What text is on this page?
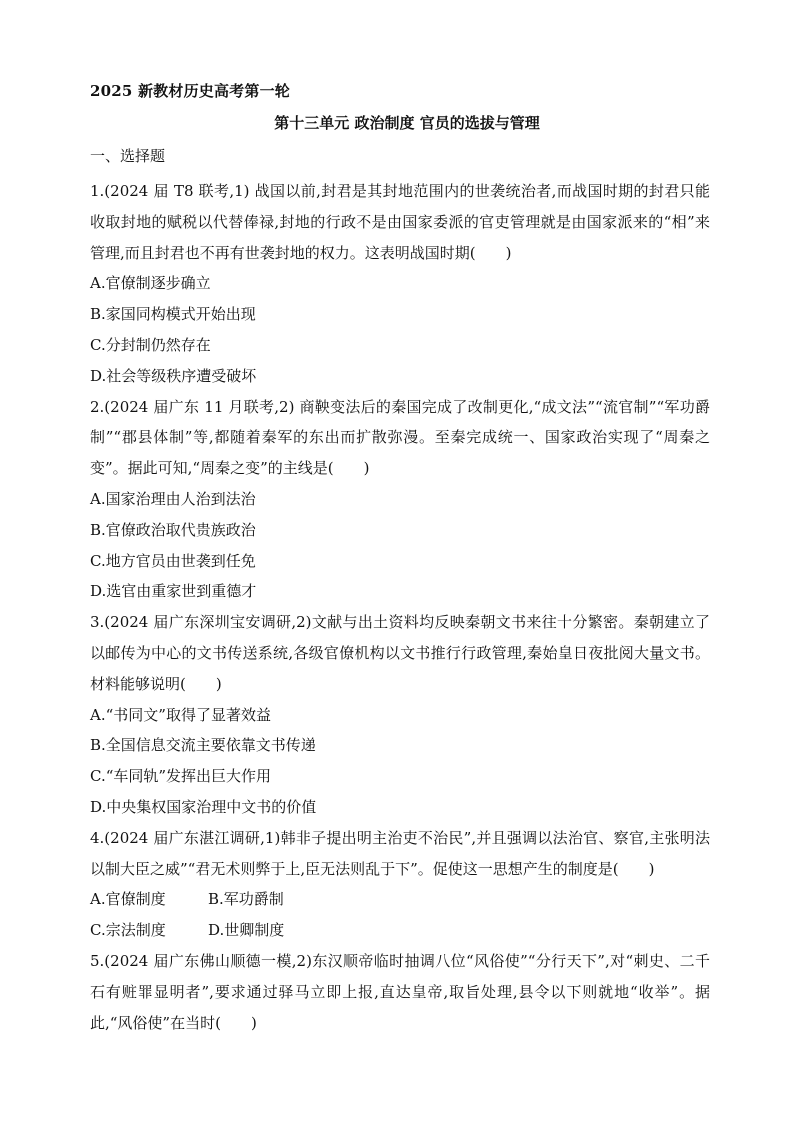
2025 新教材历史高考第一轮
第十三单元 政治制度 官员的选拔与管理
一、选择题
1.(2024 届 T8 联考,1) 战国以前,封君是其封地范围内的世袭统治者,而战国时期的封君只能收取封地的赋税以代替俸禄,封地的行政不是由国家委派的官吏管理就是由国家派来的“相”来管理,而且封君也不再有世袭封地的权力。这表明战国时期(　　)
A.官僚制逐步确立
B.家国同构模式开始出现
C.分封制仍然存在
D.社会等级秩序遭受破坏
2.(2024 届广东 11 月联考,2) 商鞅变法后的秦国完成了改制更化,“成文法”“流官制”“军功爵制”“郡县体制”等,都随着秦军的东出而扩散弥漫。至秦完成统一、国家政治实现了“周秦之变”。据此可知,“周秦之变”的主线是(　　)
A.国家治理由人治到法治
B.官僚政治取代贵族政治
C.地方官员由世袭到任免
D.选官由重家世到重德才
3.(2024 届广东深圳宝安调研,2)文献与出土资料均反映秦朝文书来往十分繁密。秦朝建立了以邮传为中心的文书传送系统,各级官僚机构以文书推行行政管理,秦始皇日夜批阅大量文书。材料能够说明(　　)
A.“书同文”取得了显著效益
B.全国信息交流主要依靠文书传递
C.“车同轨”发挥出巨大作用
D.中央集权国家治理中文书的价值
4.(2024 届广东湛江调研,1)韩非子提出明主治吏不治民”,并且强调以法治官、察官,主张明法以制大臣之威”“君无术则弊于上,臣无法则乱于下”。促使这一思想产生的制度是(　　)
A.官僚制度	B.军功爵制
C.宗法制度	D.世卿制度
5.(2024 届广东佛山顺德一模,2)东汉顺帝临时抽调八位“风俗使”“分行天下”,对“刺史、二千石有赃罪显明者”,要求通过驿马立即上报,直达皇帝,取旨处理,县令以下则就地“收举”。据此,“风俗使”在当时(　　)
